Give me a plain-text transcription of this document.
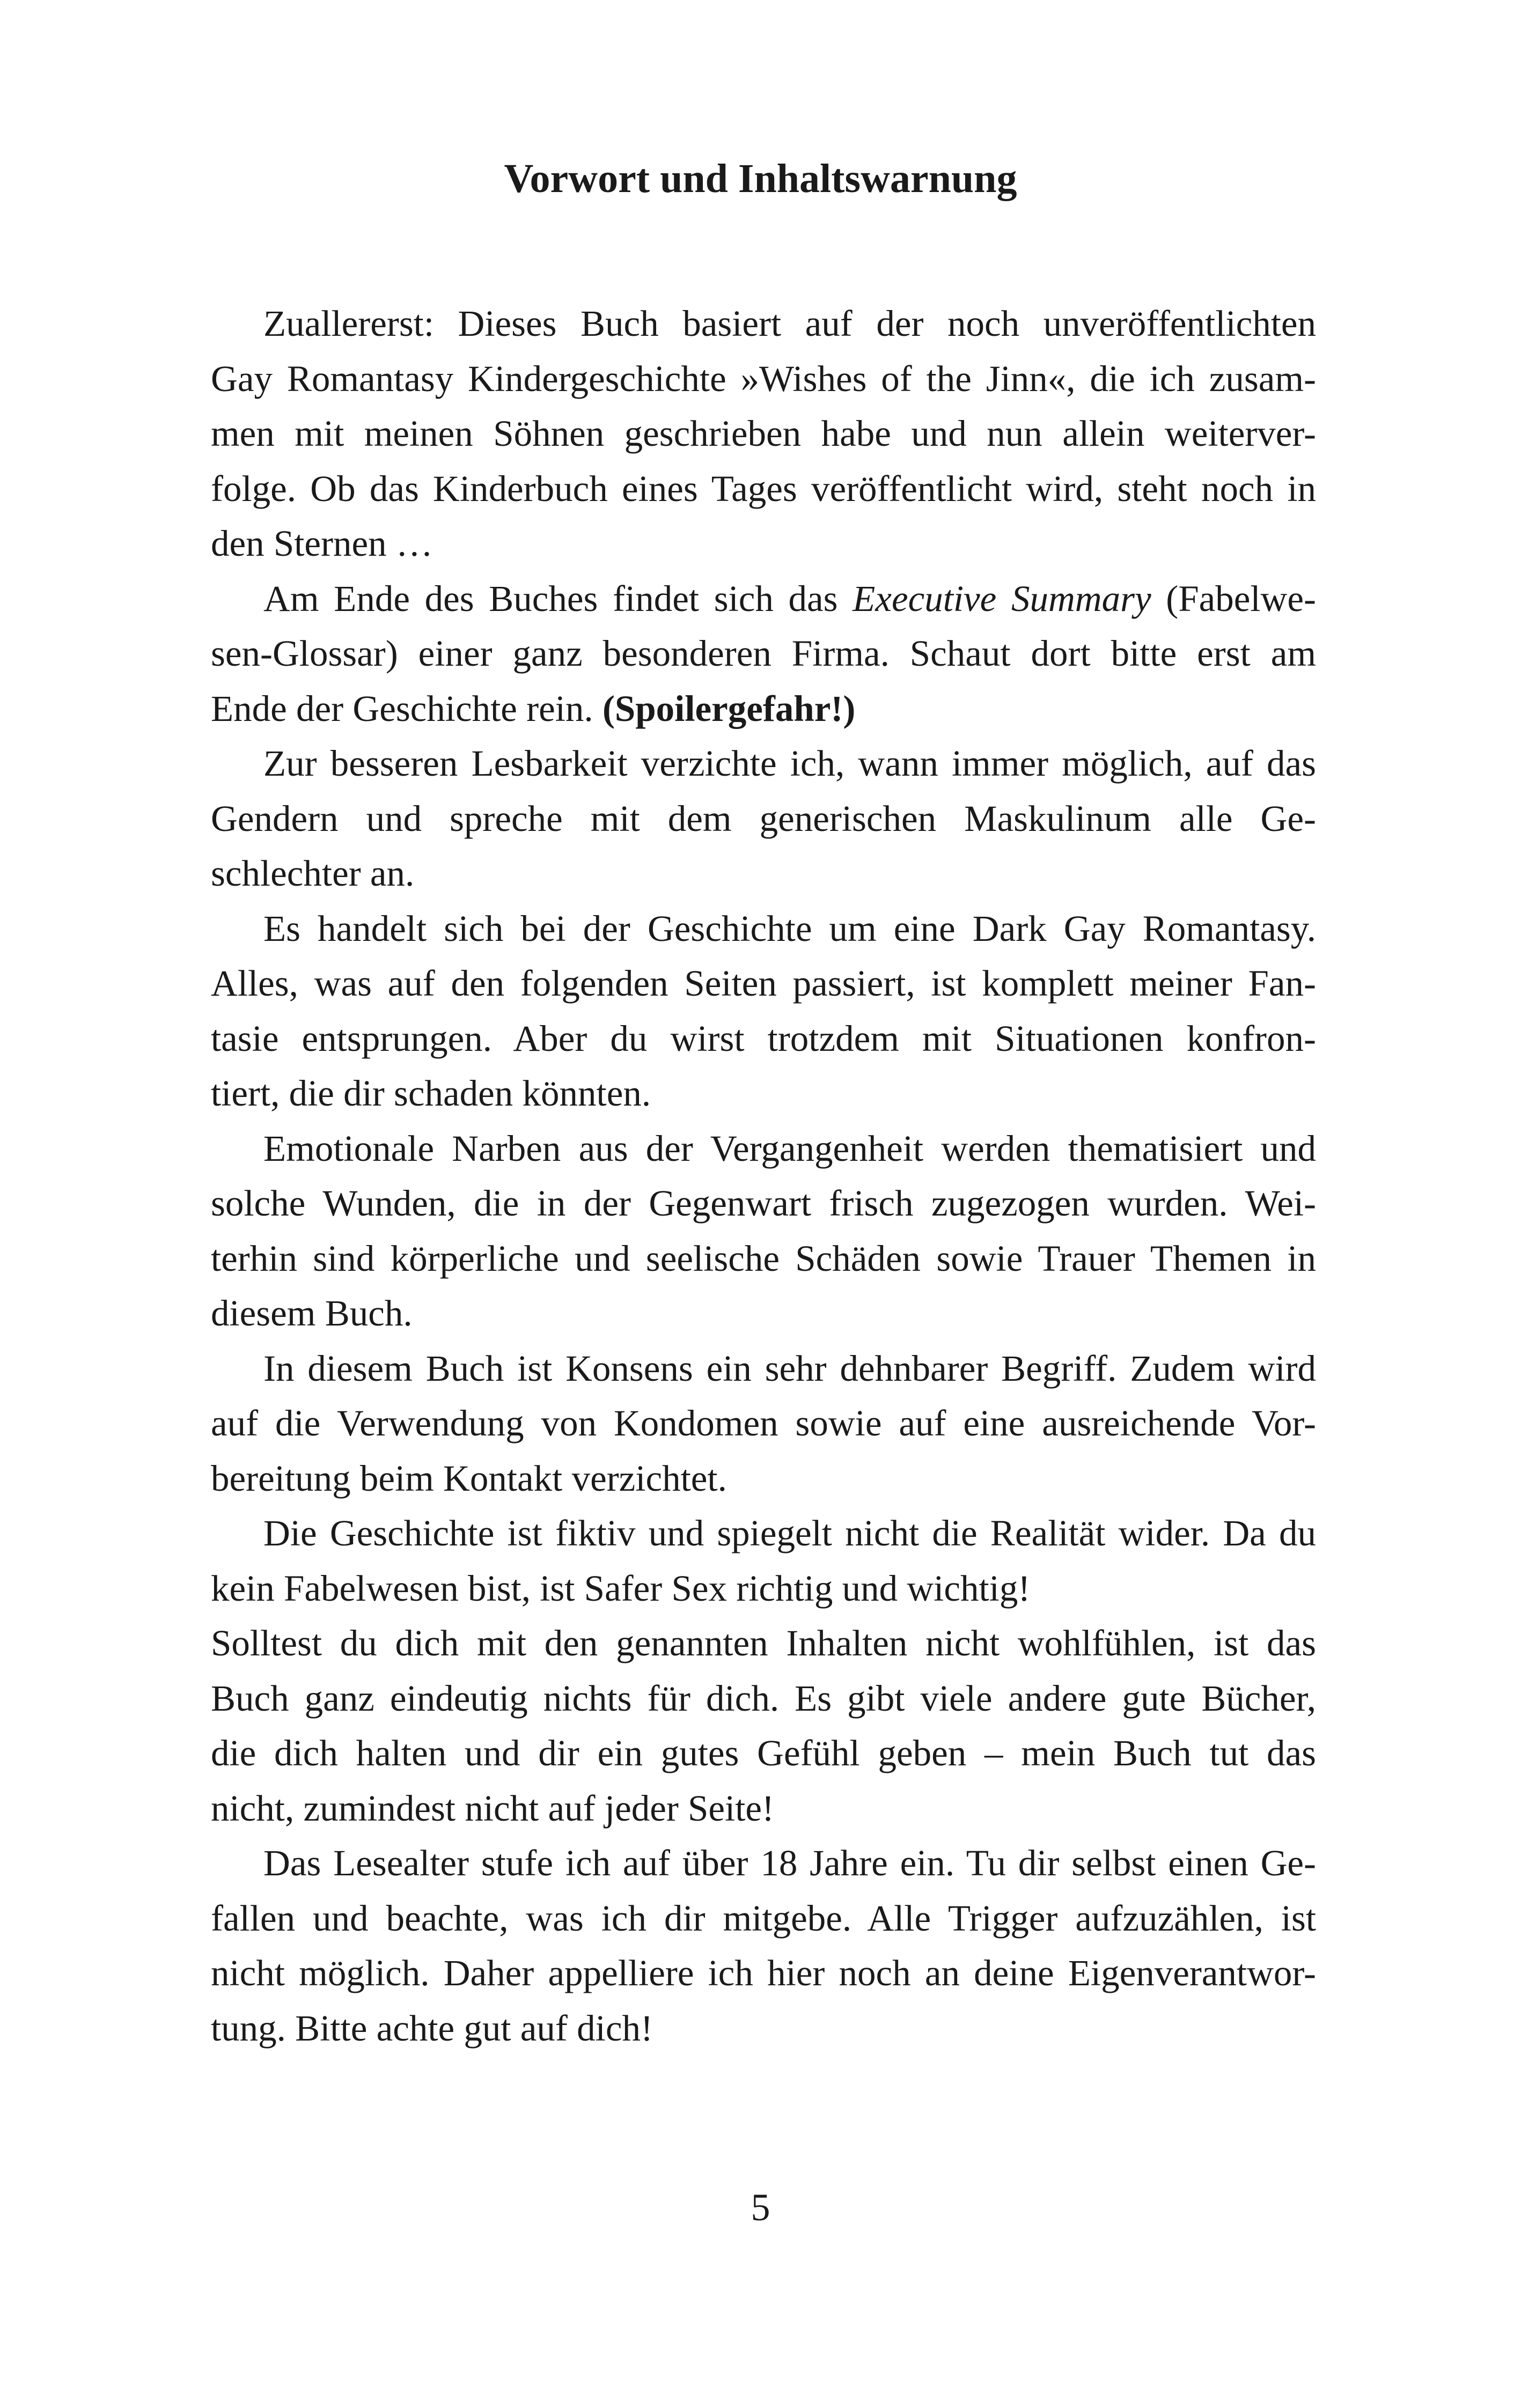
Vorwort und Inhaltswarnung
Zuallererst: Dieses Buch basiert auf der noch unveröffentlichten
Gay Romantasy Kindergeschichte »Wishes of the Jinn«, die ich zusam-
men mit meinen Söhnen geschrieben habe und nun allein weiterver-
folge. Ob das Kinderbuch eines Tages veröffentlicht wird, steht noch in
den Sternen …
Am Ende des Buches findet sich das Executive Summary (Fabelwe-
sen-Glossar) einer ganz besonderen Firma. Schaut dort bitte erst am
Ende der Geschichte rein. (Spoilergefahr!)
Zur besseren Lesbarkeit verzichte ich, wann immer möglich, auf das
Gendern und spreche mit dem generischen Maskulinum alle Ge-
schlechter an.
Es handelt sich bei der Geschichte um eine Dark Gay Romantasy.
Alles, was auf den folgenden Seiten passiert, ist komplett meiner Fan-
tasie entsprungen. Aber du wirst trotzdem mit Situationen konfron-
tiert, die dir schaden könnten.
Emotionale Narben aus der Vergangenheit werden thematisiert und
solche Wunden, die in der Gegenwart frisch zugezogen wurden. Wei-
terhin sind körperliche und seelische Schäden sowie Trauer Themen in
diesem Buch.
In diesem Buch ist Konsens ein sehr dehnbarer Begriff. Zudem wird
auf die Verwendung von Kondomen sowie auf eine ausreichende Vor-
bereitung beim Kontakt verzichtet.
Die Geschichte ist fiktiv und spiegelt nicht die Realität wider. Da du
kein Fabelwesen bist, ist Safer Sex richtig und wichtig!
Solltest du dich mit den genannten Inhalten nicht wohlfühlen, ist das
Buch ganz eindeutig nichts für dich. Es gibt viele andere gute Bücher,
die dich halten und dir ein gutes Gefühl geben – mein Buch tut das
nicht, zumindest nicht auf jeder Seite!
Das Lesealter stufe ich auf über 18 Jahre ein. Tu dir selbst einen Ge-
fallen und beachte, was ich dir mitgebe. Alle Trigger aufzuzählen, ist
nicht möglich. Daher appelliere ich hier noch an deine Eigenverantwor-
tung. Bitte achte gut auf dich!
5
